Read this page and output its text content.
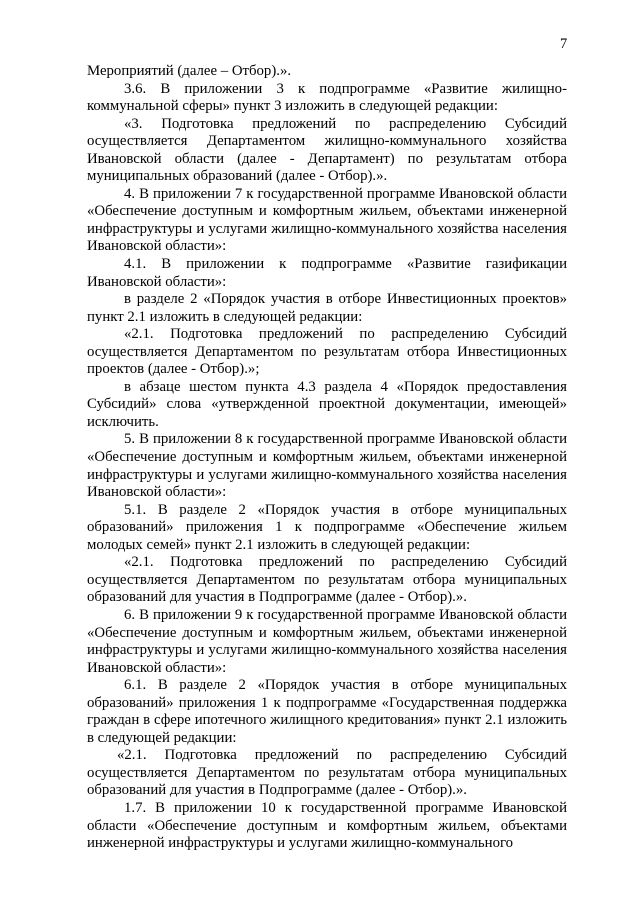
7

Мероприятий (далее – Отбор).».

3.6. В приложении 3 к подпрограмме «Развитие жилищно-коммунальной сферы» пункт 3 изложить в следующей редакции:

«3. Подготовка предложений по распределению Субсидий осуществляется Департаментом жилищно-коммунального хозяйства Ивановской области (далее - Департамент) по результатам отбора муниципальных образований (далее - Отбор).».

4. В приложении 7 к государственной программе Ивановской области «Обеспечение доступным и комфортным жильем, объектами инженерной инфраструктуры и услугами жилищно-коммунального хозяйства населения Ивановской области»:

4.1. В приложении к подпрограмме «Развитие газификации Ивановской области»:

в разделе 2 «Порядок участия в отборе Инвестиционных проектов» пункт 2.1 изложить в следующей редакции:

«2.1. Подготовка предложений по распределению Субсидий осуществляется Департаментом по результатам отбора Инвестиционных проектов (далее - Отбор).»;

в абзаце шестом пункта 4.3 раздела 4 «Порядок предоставления Субсидий» слова «утвержденной проектной документации, имеющей» исключить.

5. В приложении 8 к государственной программе Ивановской области «Обеспечение доступным и комфортным жильем, объектами инженерной инфраструктуры и услугами жилищно-коммунального хозяйства населения Ивановской области»:

5.1. В разделе 2 «Порядок участия в отборе муниципальных образований» приложения 1 к подпрограмме «Обеспечение жильем молодых семей» пункт 2.1 изложить в следующей редакции:

«2.1. Подготовка предложений по распределению Субсидий осуществляется Департаментом по результатам отбора муниципальных образований для участия в Подпрограмме (далее - Отбор).».

6. В приложении 9 к государственной программе Ивановской области «Обеспечение доступным и комфортным жильем, объектами инженерной инфраструктуры и услугами жилищно-коммунального хозяйства населения Ивановской области»:

6.1. В разделе 2 «Порядок участия в отборе муниципальных образований» приложения 1 к подпрограмме «Государственная поддержка граждан в сфере ипотечного жилищного кредитования» пункт 2.1 изложить в следующей редакции:

«2.1. Подготовка предложений по распределению Субсидий осуществляется Департаментом по результатам отбора муниципальных образований для участия в Подпрограмме (далее - Отбор).».

1.7. В приложении 10 к государственной программе Ивановской области «Обеспечение доступным и комфортным жильем, объектами инженерной инфраструктуры и услугами жилищно-коммунального
